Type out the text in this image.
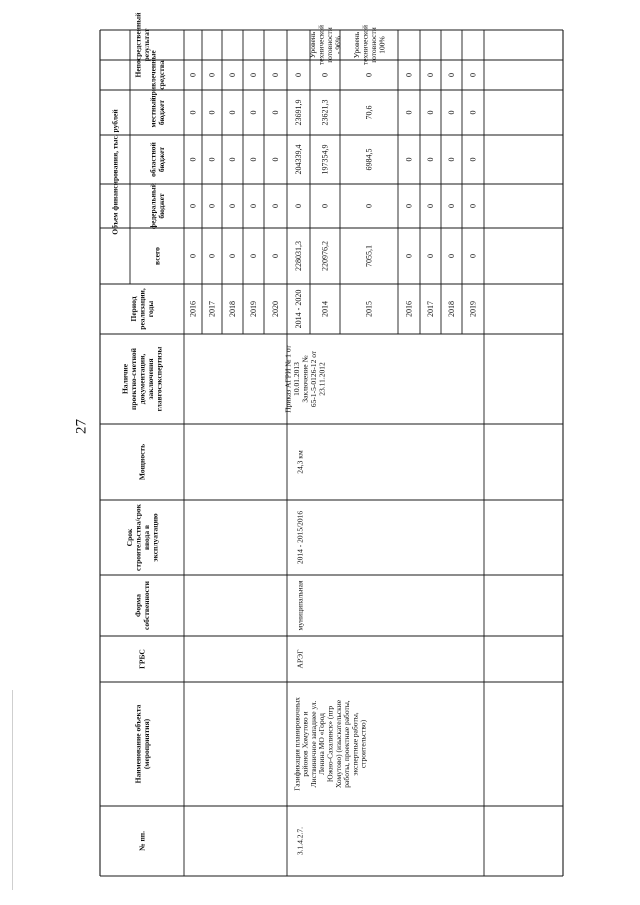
27
№ пп.
Наименование объекта(мероприятия)
ГРБС
Формасобственности
Срокстроительства/срокввода вэксплуатацию
Мощность
Наличиепроектно-сметнойдокументации,заключенияглавгосэкспертизы
Периодреализации,годы
Объем финансирования, тыс. рублей
всего
федеральныйбюджет
областнойбюджет
местныйбюджет
привлеченныесредства
Непосредственныйрезультат
2016
0
0
0
0
0
2017
0
0
0
0
0
2018
0
0
0
0
0
2019
0
0
0
0
0
2020
0
0
0
0
0
2014 - 2020
228031,3
0
204339,4
23691,9
0
2014
220976,2
0
197354,9
23621,3
0
Уровеньтехническойготовности- 96%
2015
7055,1
0
6984,5
70,6
0
Уровеньтехническойготовности100%
2016
0
0
0
0
0
2017
0
0
0
0
0
2018
0
0
0
0
0
2019
0
0
0
0
0
3.1.4.2.7.
Газификация планировочныхрайонов Хомутово иЛиствиничное западнее ул.Ленина МО «ГородЮжно-Сахалинск» (пгрХомутово) (изыскательскиеработы, проектные работы,экспертные работы,строительство)
АРЭГ
муниципальная
2014 - 2015/2016
24,3 км
Приказ АГРИ № 1 от10.01.2013Заключение №65-1-5-0126-12 от23.11.2012
